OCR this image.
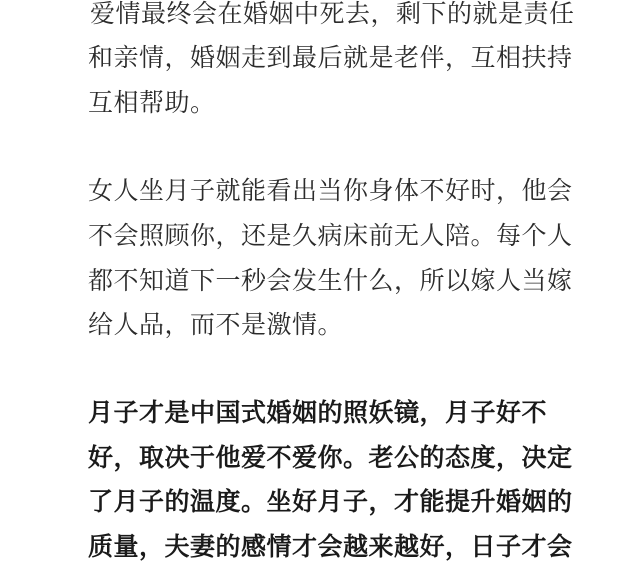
爱情最终会在婚姻中死去，剩下的就是责任
和亲情，婚姻走到最后就是老伴，互相扶持
互相帮助。
女人坐月子就能看出当你身体不好时，他会
不会照顾你，还是久病床前无人陪。每个人
都不知道下一秒会发生什么，所以嫁人当嫁
给人品，而不是激情。
月子才是中国式婚姻的照妖镜，月子好不
好，取决于他爱不爱你。老公的态度，决定
了月子的温度。坐好月子，才能提升婚姻的
质量，夫妻的感情才会越来越好，日子才会
